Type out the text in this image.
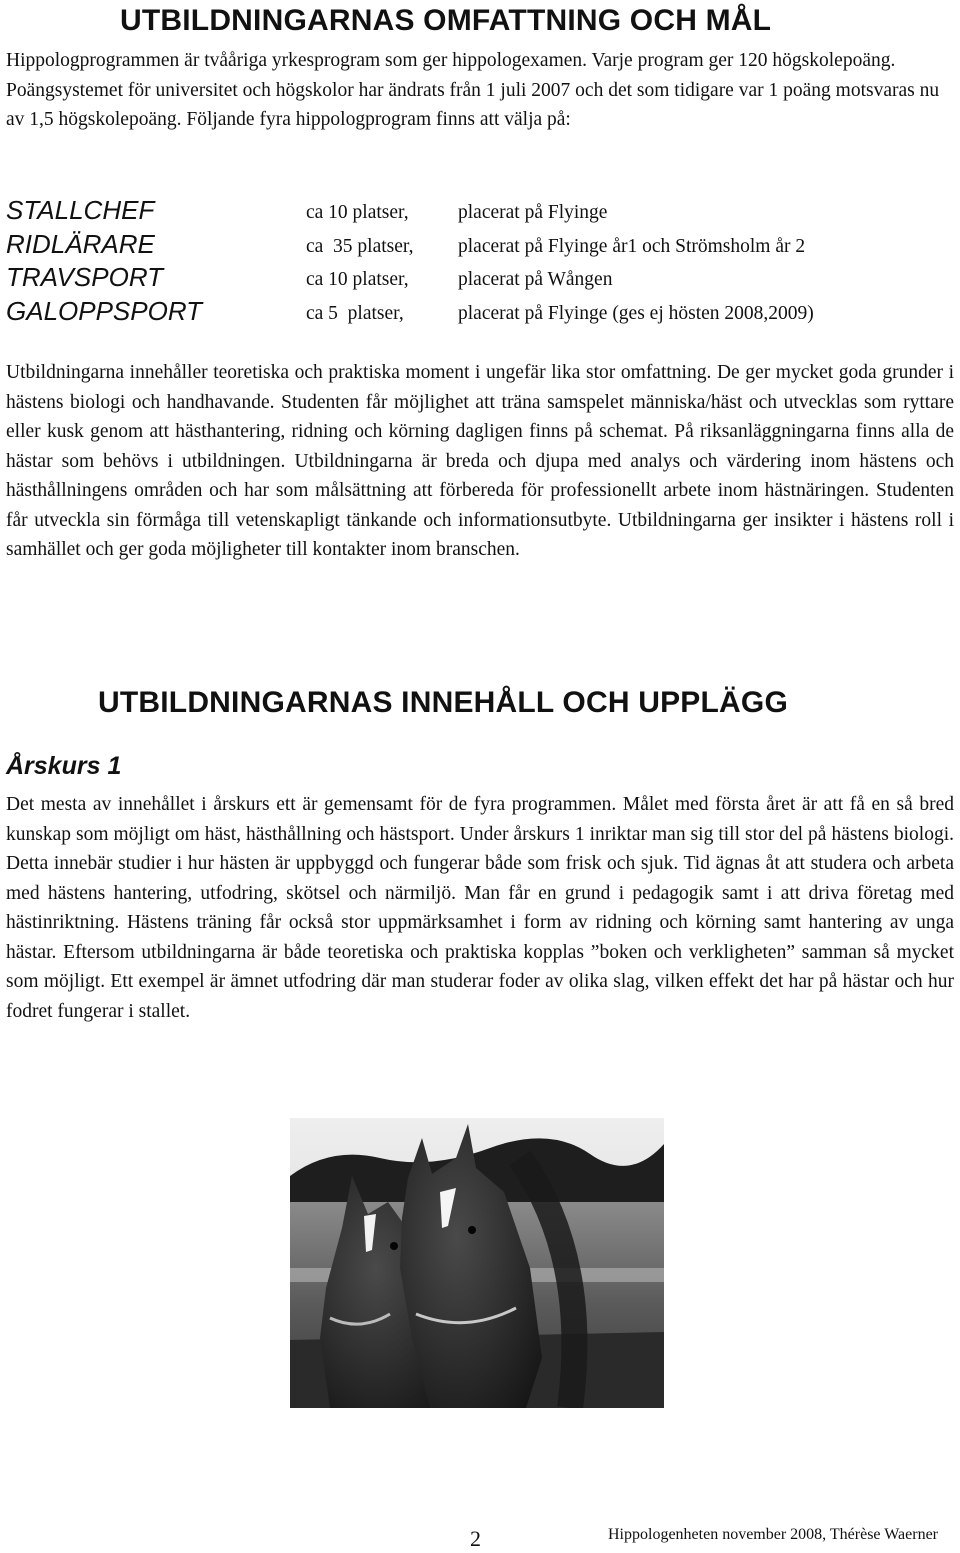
UTBILDNINGARNAS OMFATTNING OCH MÅL

Hippologprogrammen är tvååriga yrkesprogram som ger hippologexamen. Varje program ger 120 högskolepoäng. Poängsystemet för universitet och högskolor har ändrats från 1 juli 2007 och det som tidigare var 1 poäng motsvaras nu av 1,5 högskolepoäng. Följande fyra hippologprogram finns att välja på:

STALLCHEF	ca 10 platser,	placerat på Flyinge
RIDLÄRARE	ca  35 platser, placerat på Flyinge år1 och Strömsholm år 2
TRAVSPORT	ca 10 platser,	placerat på Wången
GALOPPSPORT	ca 5  platser,	placerat på Flyinge (ges ej hösten 2008,2009)

Utbildningarna innehåller teoretiska och praktiska moment i ungefär lika stor omfattning. De ger mycket goda grunder i hästens biologi och handhavande. Studenten får möjlighet att träna samspelet människa/häst och utvecklas som ryttare eller kusk genom att hästhantering, ridning och körning dagligen finns på schemat. På riksanläggningarna finns alla de hästar som behövs i utbildningen. Utbildningarna är breda och djupa med analys och värdering inom hästens och hästhållningens områden och har som målsättning att förbereda för professionellt arbete inom hästnäringen. Studenten får utveckla sin förmåga till vetenskapligt tänkande och informationsutbyte. Utbildningarna ger insikter i hästens roll i samhället och ger goda möjligheter till kontakter inom branschen.

UTBILDNINGARNAS INNEHÅLL OCH UPPLÄGG
Årskurs 1

Det mesta av innehållet i årskurs ett är gemensamt för de fyra programmen. Målet med första året är att få en så bred kunskap som möjligt om häst, hästhållning och hästsport. Under årskurs 1 inriktar man sig till stor del på hästens biologi. Detta innebär studier i hur hästen är uppbyggd och fungerar både som frisk och sjuk. Tid ägnas åt att studera och arbeta med hästens hantering, utfodring, skötsel och närmiljö. Man får en grund i pedagogik samt i att driva företag med hästinriktning. Hästens träning får också stor uppmärksamhet i form av ridning och körning samt hantering av unga hästar. Eftersom utbildningarna är både teoretiska och praktiska kopplas ”boken och verkligheten” samman så mycket som möjligt. Ett exempel är ämnet utfodring där man studerar foder av olika slag, vilken effekt det har på hästar och hur fodret fungerar i stallet.

2	Hippologenheten november 2008, Thérèse Waerner
